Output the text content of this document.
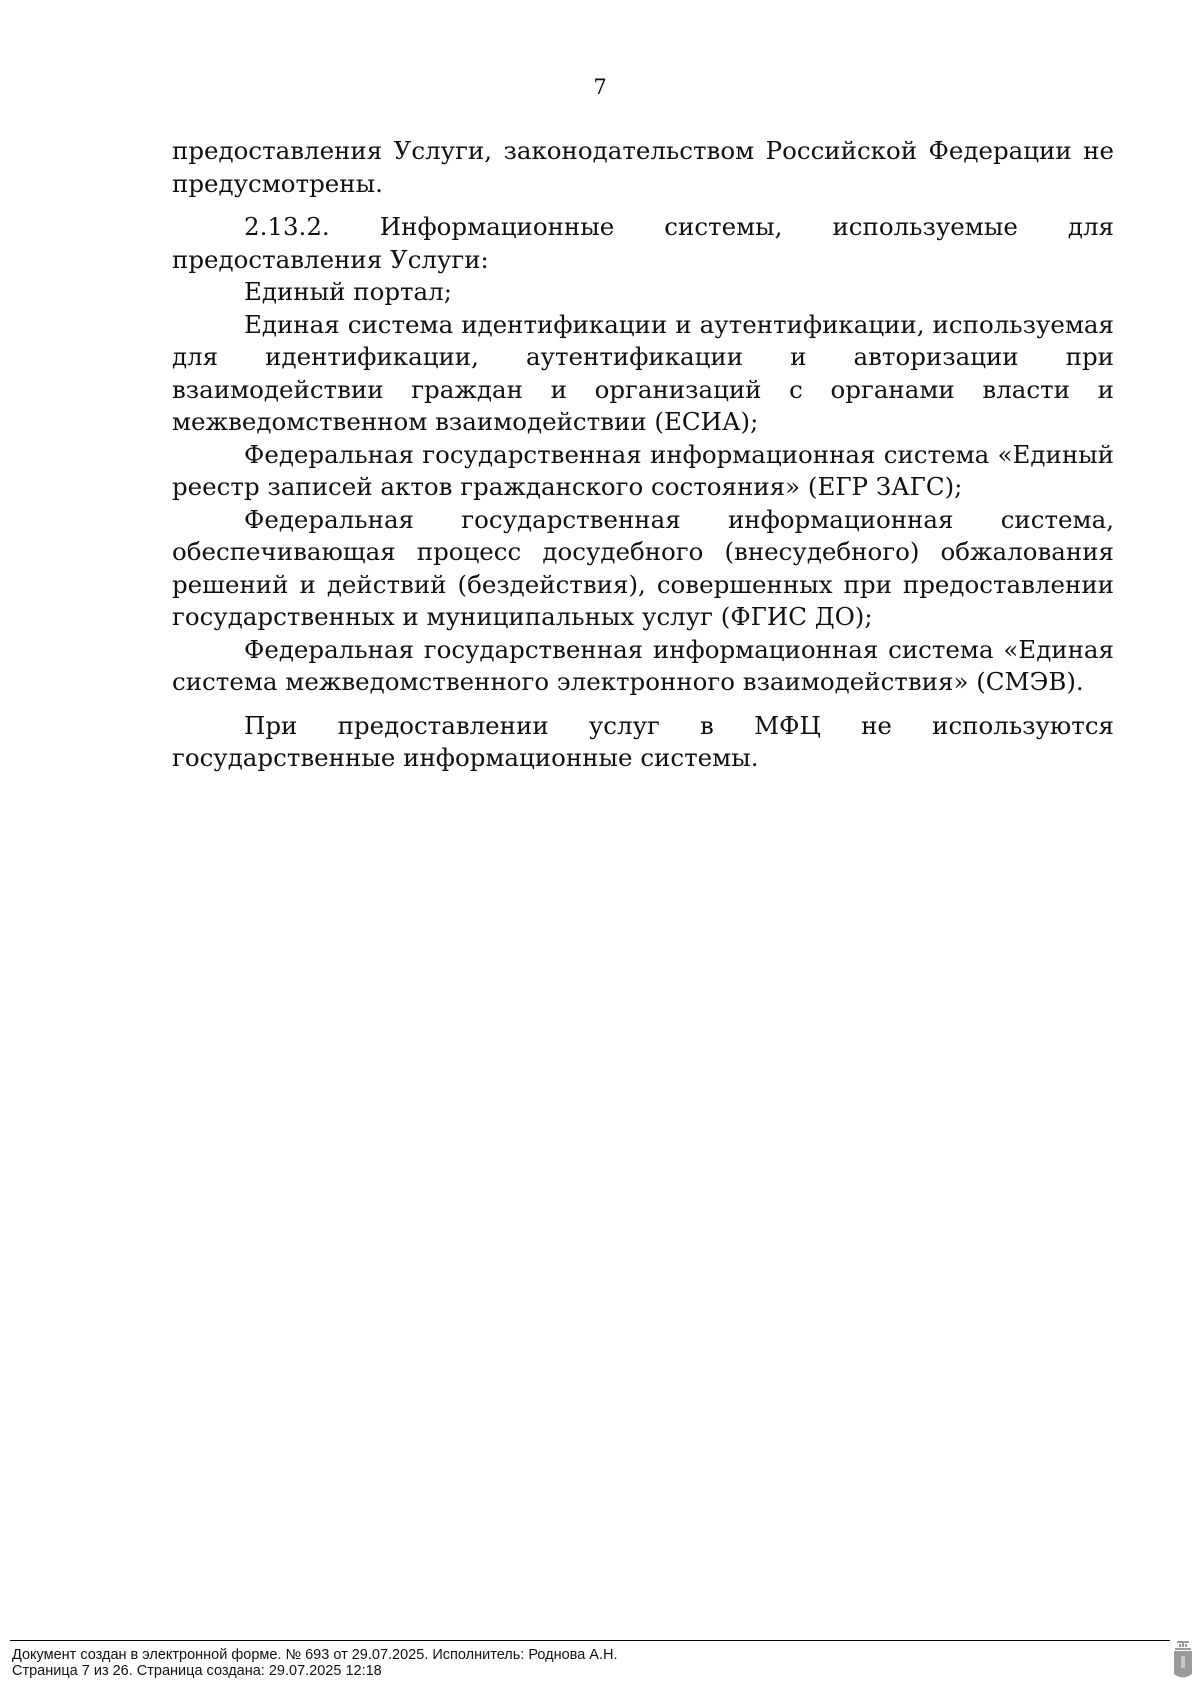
7

предоставления Услуги, законодательством Российской Федерации не предусмотрены.

2.13.2. Информационные системы, используемые для предоставления Услуги:

Единый портал;

Единая система идентификации и аутентификации, используемая для идентификации, аутентификации и авторизации при взаимодействии граждан и организаций с органами власти и межведомственном взаимодействии (ЕСИА);

Федеральная государственная информационная система «Единый реестр записей актов гражданского состояния» (ЕГР ЗАГС);

Федеральная государственная информационная система, обеспечивающая процесс досудебного (внесудебного) обжалования решений и действий (бездействия), совершенных при предоставлении государственных и муниципальных услуг (ФГИС ДО);

Федеральная государственная информационная система «Единая система межведомственного электронного взаимодействия» (СМЭВ).

При предоставлении услуг в МФЦ не используются государственные информационные системы.

Документ создан в электронной форме. № 693 от 29.07.2025. Исполнитель: Роднова А.Н.
Страница 7 из 26. Страница создана: 29.07.2025 12:18
